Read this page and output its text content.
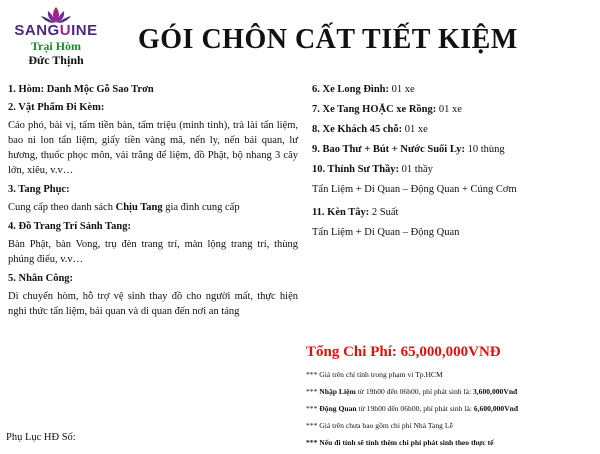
SANGUINE
Trại Hòm
Đức Thịnh
GÓI CHÔN CẤT TIẾT KIỆM

1. Hòm: Danh Mộc Gỗ Sao Trơn

2. Vật Phẩm Đi Kèm:

Cáo phó, bài vị, tấm tiền bàn, tấm triệu (minh tinh), trà lài tẩn liệm, bao ni lon tẩn liệm, giấy tiền vàng mã, nến ly, nến bái quan, lư hương, thuốc phọc môn, vải trắng để liệm, đồ Phật, bộ nhang 3 cây lớn, xiêu, v.v…

3. Tang Phục:

Cung cấp theo danh sách Chịu Tang gia đình cung cấp

4. Đồ Trang Trí Sảnh Tang:

Bàn Phật, bàn Vong, trụ đèn trang trí, màn lộng trang trí, thùng phúng điếu, v.v…

5. Nhân Công:

Di chuyển hòm, hỗ trợ vệ sinh thay đồ cho người mất, thực hiện nghi thức tẩn liệm, bái quan và di quan đến nơi an táng

6. Xe Long Đình: 01 xe

7. Xe Tang HOẶC xe Rồng: 01 xe

8. Xe Khách 45 chỗ: 01 xe

9. Bao Thư + Bút + Nước Suối Ly: 10 thùng

10. Thỉnh Sư Thầy: 01 thầy

Tẩn Liệm + Di Quan – Động Quan + Cúng Cơm

11. Kèn Tây: 2 Suất

Tẩn Liệm + Di Quan – Động Quan

Tổng Chi Phí: 65,000,000VNĐ

*** Giá trên chỉ tính trong phạm vi Tp.HCM

*** Nhập Liệm từ 19h00 đến 06h00, phí phát sinh là: 3,600,000Vnđ

*** Động Quan từ 19h00 đến 06h00, phí phát sinh là: 6,600,000Vnđ

*** Giá trên chưa bao gồm chi phí Nhà Tang Lễ

*** Nếu đi tỉnh sẽ tính thêm chi phí phát sinh theo thực tế

Phụ Lục HĐ Số:
